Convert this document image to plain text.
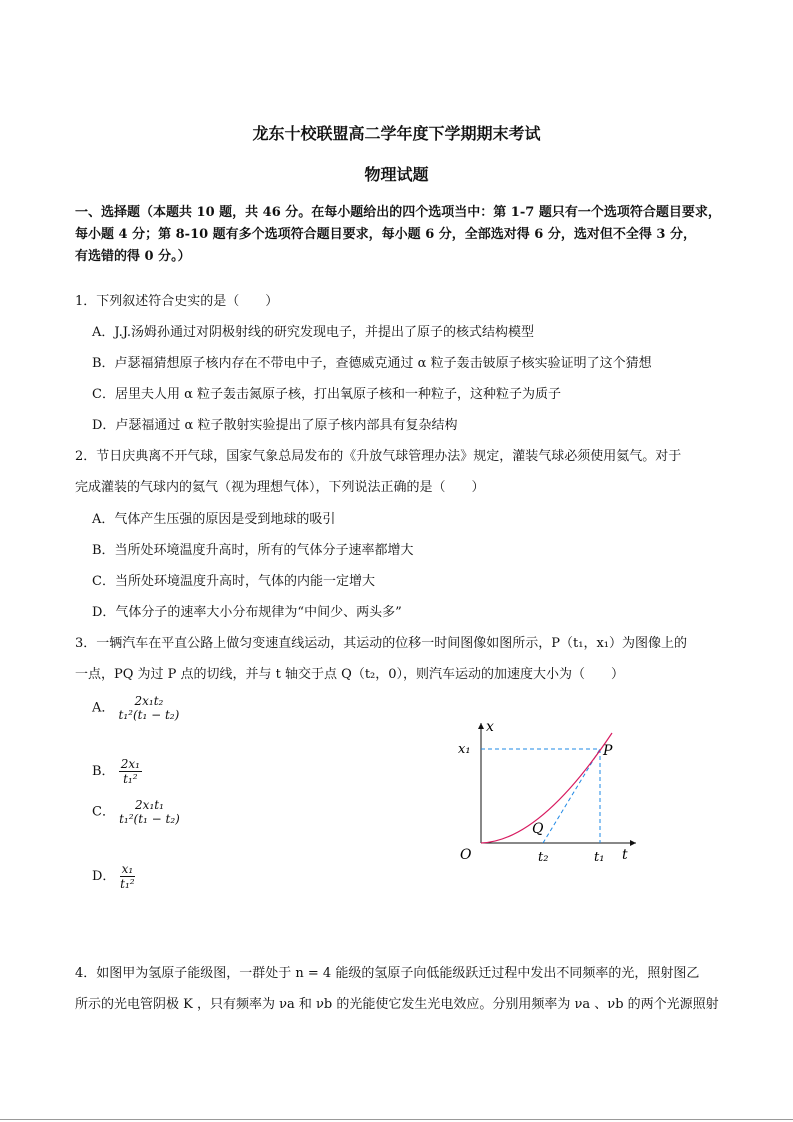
龙东十校联盟高二学年度下学期期末考试
物理试题
一、选择题（本题共 10 题，共 46 分。在每小题给出的四个选项当中：第 1-7 题只有一个选项符合题目要求，
每小题 4 分；第 8-10 题有多个选项符合题目要求，每小题 6 分，全部选对得 6 分，选对但不全得 3 分，
有选错的得 0 分。）
1．下列叙述符合史实的是（　　）
A．J.J.汤姆孙通过对阴极射线的研究发现电子，并提出了原子的核式结构模型
B．卢瑟福猜想原子核内存在不带电中子，查德威克通过 α 粒子轰击铍原子核实验证明了这个猜想
C．居里夫人用 α 粒子轰击氮原子核，打出氧原子核和一种粒子，这种粒子为质子
D．卢瑟福通过 α 粒子散射实验提出了原子核内部具有复杂结构
2．节日庆典离不开气球，国家气象总局发布的《升放气球管理办法》规定，灌装气球必须使用氦气。对于
完成灌装的气球内的氦气（视为理想气体），下列说法正确的是（　　）
A．气体产生压强的原因是受到地球的吸引
B．当所处环境温度升高时，所有的气体分子速率都增大
C．当所处环境温度升高时，气体的内能一定增大
D．气体分子的速率大小分布规律为“中间少、两头多”
3．一辆汽车在平直公路上做匀变速直线运动，其运动的位移一时间图像如图所示，P（t₁，x₁）为图像上的
一点，PQ 为过 P 点的切线，并与 t 轴交于点 Q（t₂，0），则汽车运动的加速度大小为（　　）
A． 2x₁t₂
t₁²(t₁ − t₂)
B． $\frac{\text{2x₁}}{\text{t₁²}}$
C． 2x₁t₁
t₁²(t₁ − t₂)
D． $\frac{\text{x₁}}{\text{t₁²}}$
x
x₁	P
Q
O	t₂	t₁ t
4．如图甲为氢原子能级图，一群处于 n = 4 能级的氢原子向低能级跃迁过程中发出不同频率的光，照射图乙
所示的光电管阴极 K ，只有频率为 νa 和 νb 的光能使它发生光电效应。分别用频率为 νa 、νb 的两个光源照射
